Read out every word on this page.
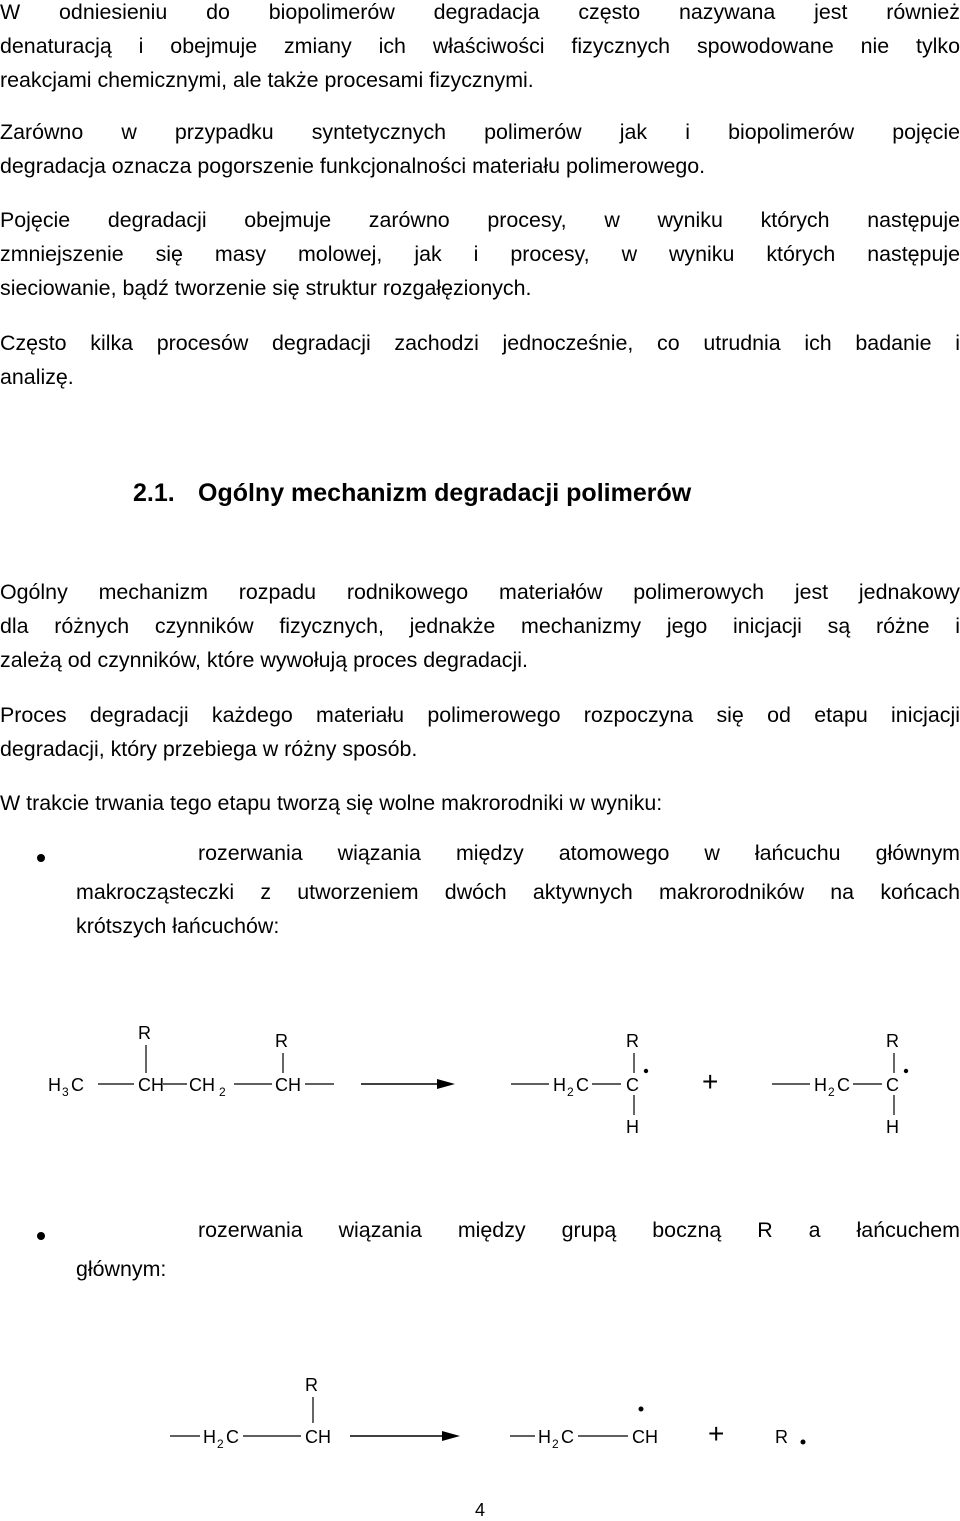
W odniesieniu do biopolimerów degradacja często nazywana jest również
denaturacją i obejmuje zmiany ich właściwości fizycznych spowodowane nie tylko
reakcjami chemicznymi, ale także procesami fizycznymi.
Zarówno w przypadku syntetycznych polimerów jak i biopolimerów pojęcie
degradacja oznacza pogorszenie funkcjonalności materiału polimerowego.
Pojęcie degradacji obejmuje zarówno procesy, w wyniku których następuje
zmniejszenie się masy molowej, jak i procesy, w wyniku których następuje
sieciowanie, bądź tworzenie się struktur rozgałęzionych.
Często kilka procesów degradacji zachodzi jednocześnie, co utrudnia ich badanie i
analizę.
2.1. Ogólny mechanizm degradacji polimerów
Ogólny mechanizm rozpadu rodnikowego materiałów polimerowych jest jednakowy
dla różnych czynników fizycznych, jednakże mechanizmy jego inicjacji są różne i
zależą od czynników, które wywołują proces degradacji.
Proces degradacji każdego materiału polimerowego rozpoczyna się od etapu inicjacji
degradacji, który przebiega w różny sposób.
W trakcie trwania tego etapu tworzą się wolne makrorodniki w wyniku:
rozerwania wiązania między atomowego w łańcuchu głównym
makrocząsteczki z utworzeniem dwóch aktywnych makrorodników na końcach
krótszych łańcuchów:
H 3 C	CH CH 2	CH
R	R
H 2 C C
R
H
+	H 2 C C
R
H
rozerwania wiązania między grupą boczną R a łańcuchem
głównym:
H 2 C	CH
R
H 2 C	CH +	R
4
